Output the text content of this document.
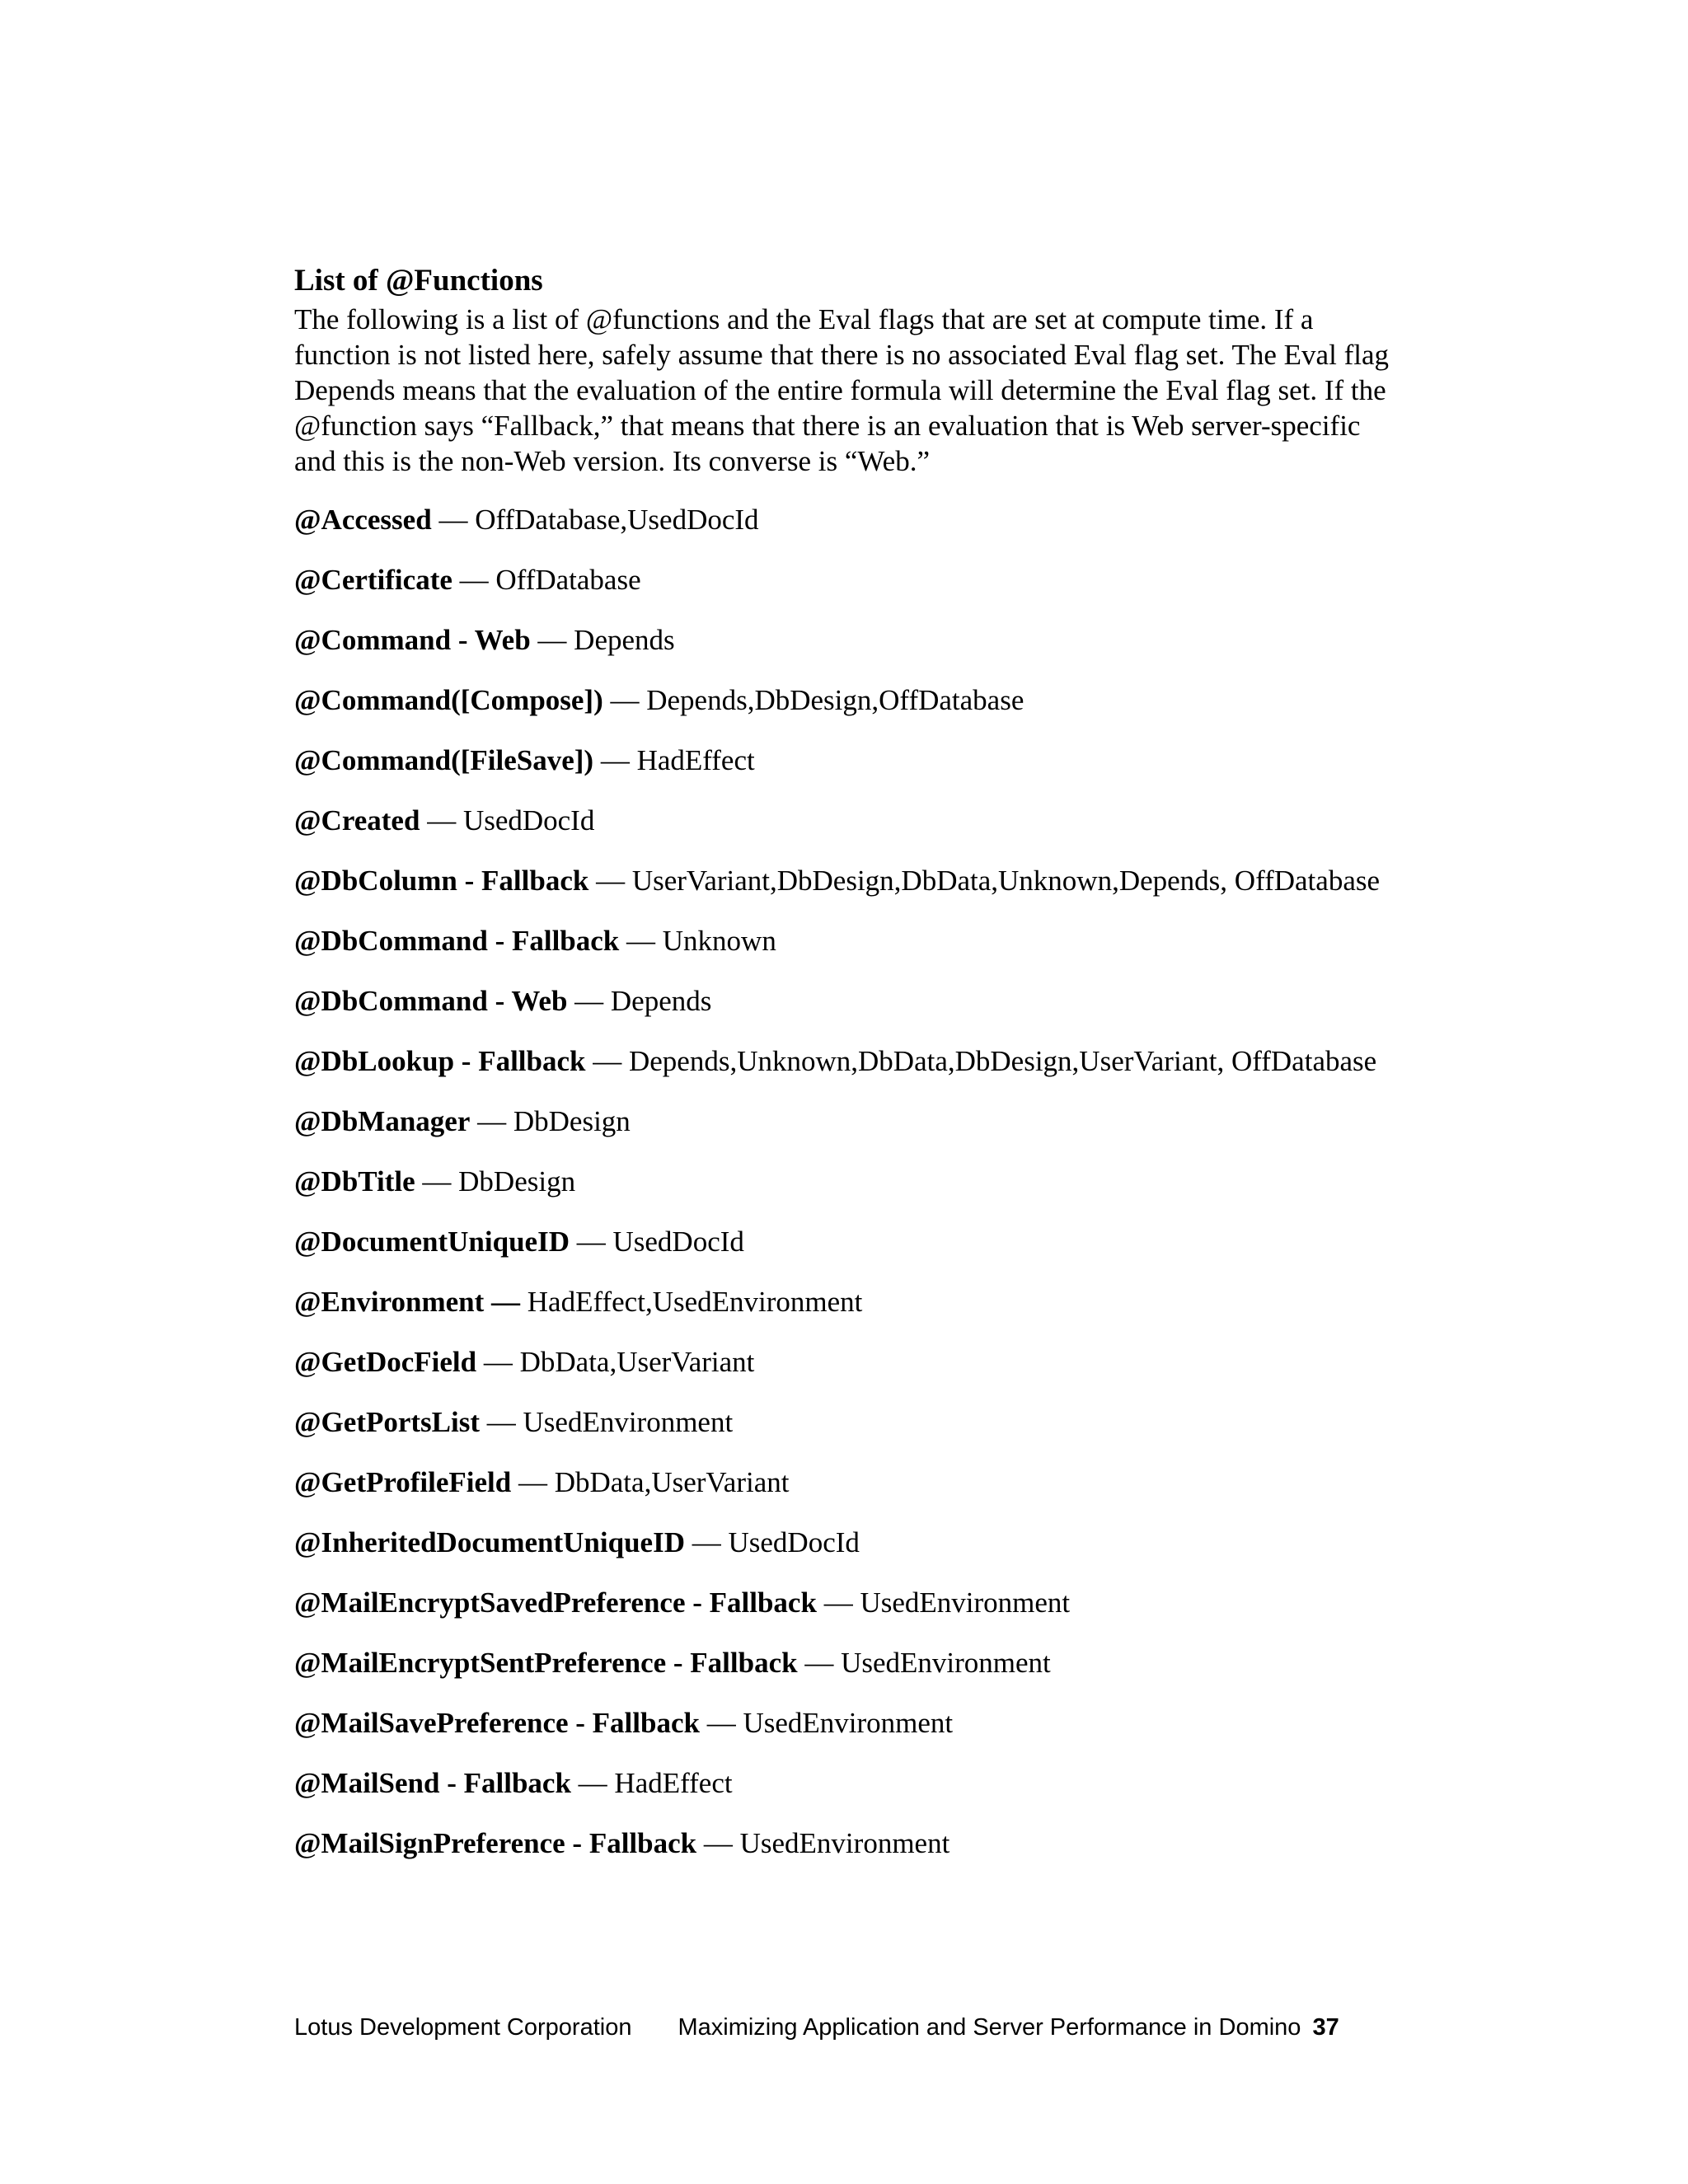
List of @Functions

The following is a list of @functions and the Eval flags that are set at compute time. If a function is not listed here, safely assume that there is no associated Eval flag set. The Eval flag Depends means that the evaluation of the entire formula will determine the Eval flag set. If the @function says “Fallback,” that means that there is an evaluation that is Web server-specific and this is the non-Web version. Its converse is “Web.”

@Accessed — OffDatabase,UsedDocId

@Certificate — OffDatabase

@Command - Web — Depends

@Command([Compose]) — Depends,DbDesign,OffDatabase

@Command([FileSave]) — HadEffect

@Created — UsedDocId

@DbColumn - Fallback — UserVariant,DbDesign,DbData,Unknown,Depends, OffDatabase

@DbCommand - Fallback — Unknown

@DbCommand - Web — Depends

@DbLookup - Fallback — Depends,Unknown,DbData,DbDesign,UserVariant, OffDatabase

@DbManager — DbDesign

@DbTitle — DbDesign

@DocumentUniqueID — UsedDocId

@Environment — HadEffect,UsedEnvironment

@GetDocField — DbData,UserVariant

@GetPortsList — UsedEnvironment

@GetProfileField — DbData,UserVariant

@InheritedDocumentUniqueID — UsedDocId

@MailEncryptSavedPreference - Fallback — UsedEnvironment

@MailEncryptSentPreference - Fallback — UsedEnvironment

@MailSavePreference - Fallback — UsedEnvironment

@MailSend - Fallback — HadEffect

@MailSignPreference - Fallback — UsedEnvironment

Lotus Development Corporation Maximizing Application and Server Performance in Domino 37
